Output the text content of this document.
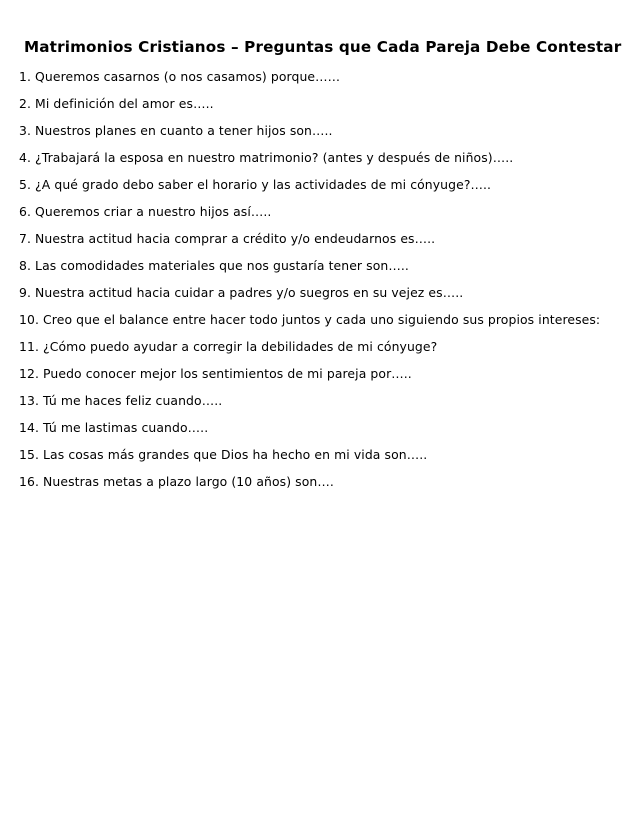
Matrimonios Cristianos – Preguntas que Cada Pareja Debe Contestar
1. Queremos casarnos (o nos casamos) porque……
2. Mi definición del amor es…..
3. Nuestros planes en cuanto a tener hijos son…..
4. ¿Trabajará la esposa en nuestro matrimonio? (antes y después de niños)…..
5. ¿A qué grado debo saber el horario y las actividades de mi cónyuge?…..
6. Queremos criar a nuestro hijos así…..
7. Nuestra actitud hacia comprar a crédito y/o endeudarnos es…..
8. Las comodidades materiales que nos gustaría tener son…..
9. Nuestra actitud hacia cuidar a padres y/o suegros en su vejez es…..
10. Creo que el balance entre hacer todo juntos y cada uno siguiendo sus propios intereses:
11. ¿Cómo puedo ayudar a corregir la debilidades de mi cónyuge?
12. Puedo conocer mejor los sentimientos de mi pareja por…..
13. Tú me haces feliz cuando…..
14. Tú me lastimas cuando…..
15. Las cosas más grandes que Dios ha hecho en mi vida son…..
16. Nuestras metas a plazo largo (10 años) son….
